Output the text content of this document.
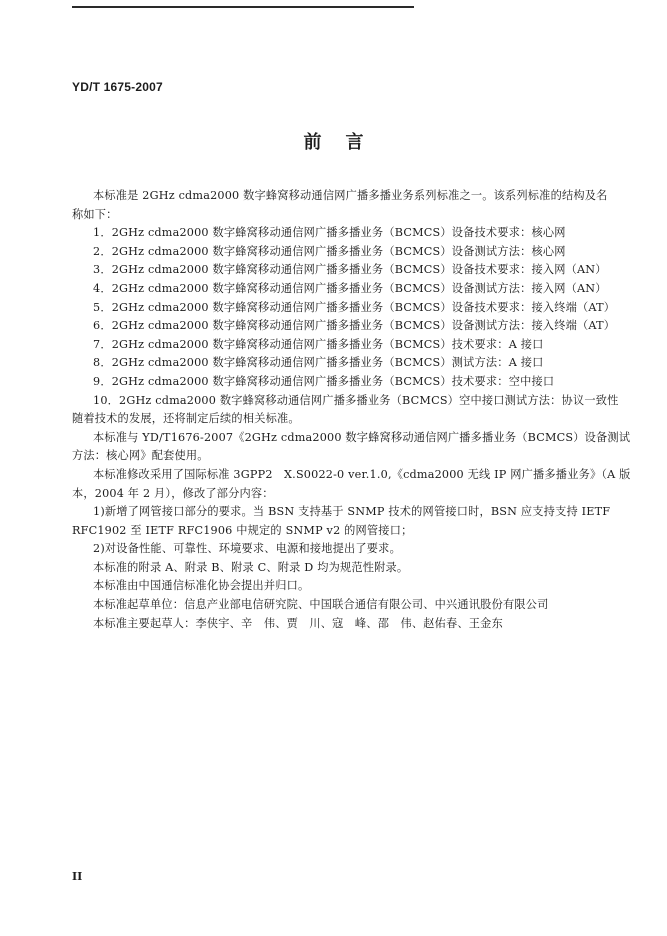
YD/T 1675-2007
前言
本标准是 2GHz cdma2000 数字蜂窝移动通信网广播多播业务系列标准之一。该系列标准的结构及名
称如下：
1．2GHz cdma2000 数字蜂窝移动通信网广播多播业务（BCMCS）设备技术要求：核心网
2．2GHz cdma2000 数字蜂窝移动通信网广播多播业务（BCMCS）设备测试方法：核心网
3．2GHz cdma2000 数字蜂窝移动通信网广播多播业务（BCMCS）设备技术要求：接入网（AN）
4．2GHz cdma2000 数字蜂窝移动通信网广播多播业务（BCMCS）设备测试方法：接入网（AN）
5．2GHz cdma2000 数字蜂窝移动通信网广播多播业务（BCMCS）设备技术要求：接入终端（AT）
6．2GHz cdma2000 数字蜂窝移动通信网广播多播业务（BCMCS）设备测试方法：接入终端（AT）
7．2GHz cdma2000 数字蜂窝移动通信网广播多播业务（BCMCS）技术要求：A 接口
8．2GHz cdma2000 数字蜂窝移动通信网广播多播业务（BCMCS）测试方法：A 接口
9．2GHz cdma2000 数字蜂窝移动通信网广播多播业务（BCMCS）技术要求：空中接口
10．2GHz cdma2000 数字蜂窝移动通信网广播多播业务（BCMCS）空中接口测试方法：协议一致性
随着技术的发展，还将制定后续的相关标准。
本标准与 YD/T1676-2007《2GHz cdma2000 数字蜂窝移动通信网广播多播业务（BCMCS）设备测试
方法：核心网》配套使用。
本标准修改采用了国际标准 3GPP2　X.S0022-0 ver.1.0,《cdma2000 无线 IP 网广播多播业务》（A 版
本，2004 年 2 月），修改了部分内容：
1)新增了网管接口部分的要求。当 BSN 支持基于 SNMP 技术的网管接口时，BSN 应支持支持 IETF
RFC1902 至 IETF RFC1906 中规定的 SNMP v2 的网管接口；
2)对设备性能、可靠性、环境要求、电源和接地提出了要求。
本标准的附录 A、附录 B、附录 C、附录 D 均为规范性附录。
本标准由中国通信标准化协会提出并归口。
本标准起草单位：信息产业部电信研究院、中国联合通信有限公司、中兴通讯股份有限公司
本标准主要起草人：李侠宇、辛　伟、贾　川、寇　峰、邵　伟、赵佑春、王金东
II
